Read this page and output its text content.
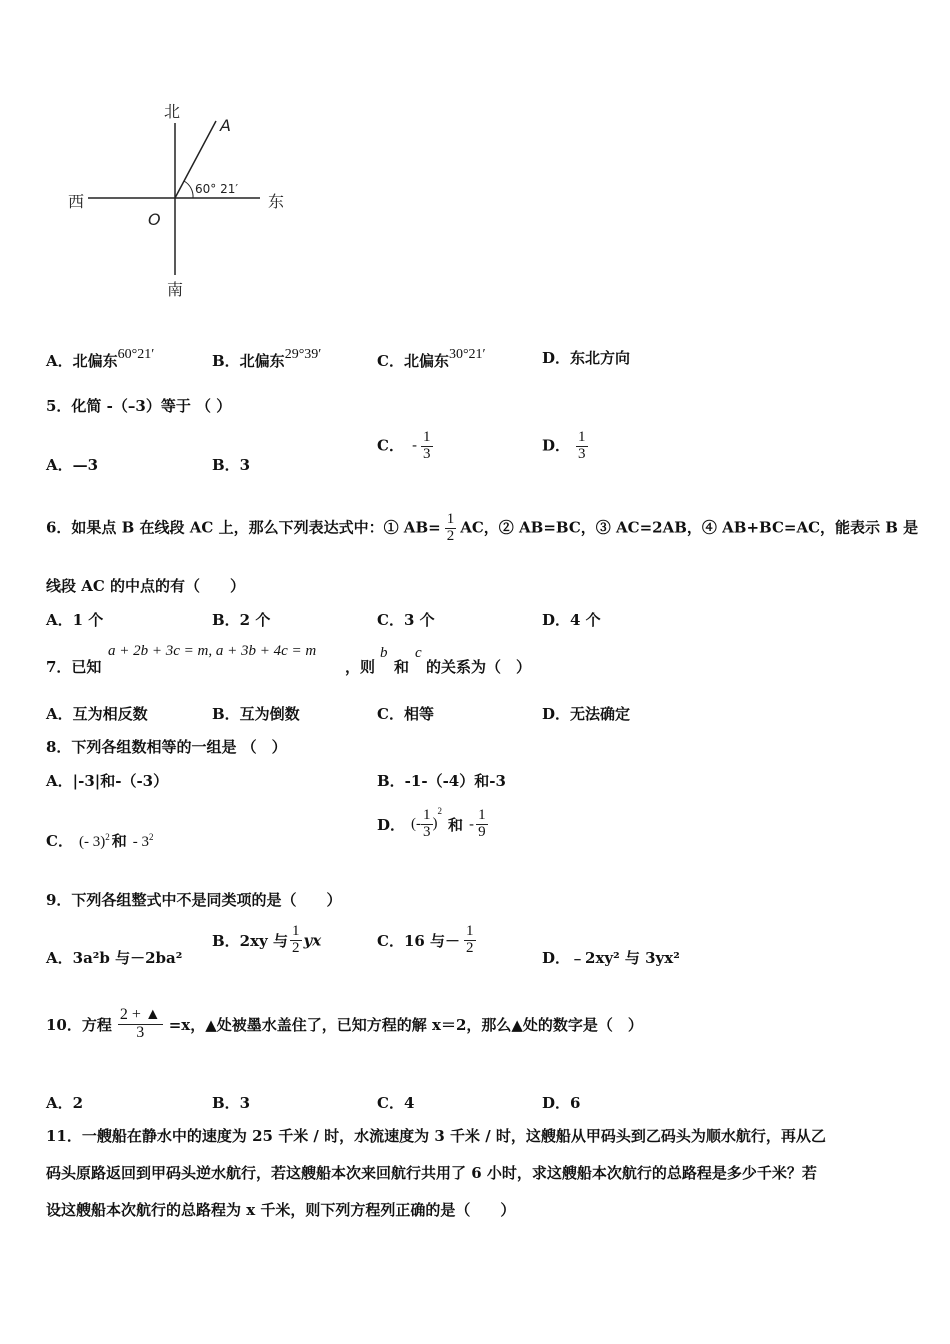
北
A
60° 21′
西	东
O
南
A．北偏东$^{60^\circ 21'}$	B．北偏东$^{29^\circ 39'}$	C．北偏东$^{30^\circ 21'}$	D．东北方向
5．化简 -（–3）等于 （ ）
A．—3	B．3
C． - $\frac{1}{3}$	D． $\frac{1}{3}$
6．如果点 B 在线段 AC 上，那么下列表达式中：① $AB= \frac{1}{2}$ AC，② AB=BC，③ AC=2AB，④ AB+BC=AC，能表示 B 是
线段 AC 的中点的有（　　）
A．1 个	B．2 个	C．3 个	D．4 个
7．已知
a + 2b + 3c = m, a + 3b + 4c = m
，则
b
和
c
的关系为（　）
A．互为相反数	B．互为倒数	C．相等	D．无法确定
8．下列各组数相等的一组是 （　）
A．|-3|和-（-3）	B．-1-（-4）和-3
C． (- 3)$^2$ 和 - $3^2$
D． (- $\frac{1}{3} )^2$和 - $\frac{1}{9}$
9．下列各组整式中不是同类项的是（　　）
A．3a²b 与－2ba²
B．2xy 与 $\frac{1}{2}$ yx	C．16 与－ $\frac{1}{2}$
D．﹣2xy² 与 3yx²
10．方程 $\frac{2 + ▲}{3} =x$，▲处被墨水盖住了，已知方程的解 x＝2，那么▲处的数字是（　）
A．2	B．3	C．4	D．6
11．一艘船在静水中的速度为 25 千米 / 时，水流速度为 3 千米 / 时，这艘船从甲码头到乙码头为顺水航行，再从乙
码头原路返回到甲码头逆水航行，若这艘船本次来回航行共用了 6 小时，求这艘船本次航行的总路程是多少千米？若
设这艘船本次航行的总路程为 x 千米，则下列方程列正确的是（　　）
